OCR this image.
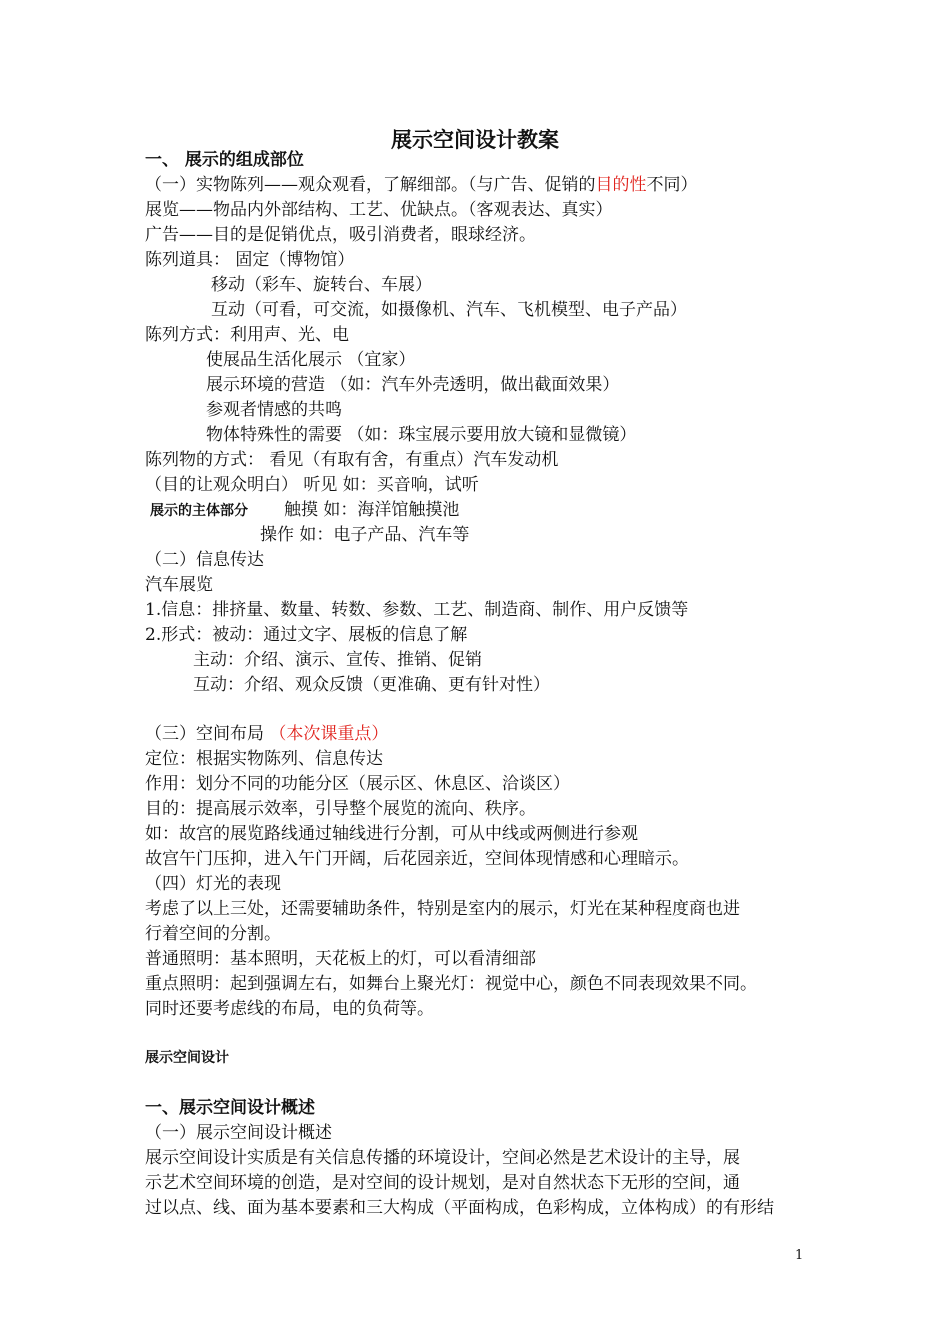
展示空间设计教案
一、 展示的组成部位
（一）实物陈列——观众观看，了解细部。（与广告、促销的目的性不同）
展览——物品内外部结构、工艺、优缺点。（客观表达、真实）
广告——目的是促销优点，吸引消费者，眼球经济。
陈列道具： 固定（博物馆）
移动（彩车、旋转台、车展）
互动（可看，可交流，如摄像机、汽车、飞机模型、电子产品）
陈列方式：利用声、光、电
使展品生活化展示 （宜家）
展示环境的营造 （如：汽车外壳透明，做出截面效果）
参观者情感的共鸣
物体特殊性的需要 （如：珠宝展示要用放大镜和显微镜）
陈列物的方式： 看见（有取有舍，有重点）汽车发动机
（目的让观众明白） 听见 如：买音响，试听
展示的主体部分 触摸 如：海洋馆触摸池
操作 如：电子产品、汽车等
（二）信息传达
汽车展览
1.信息：排挤量、数量、转数、参数、工艺、制造商、制作、用户反馈等
2.形式：被动：通过文字、展板的信息了解
主动：介绍、演示、宣传、推销、促销
互动：介绍、观众反馈（更准确、更有针对性）
（三）空间布局 （本次课重点）
定位：根据实物陈列、信息传达
作用：划分不同的功能分区（展示区、休息区、洽谈区）
目的：提高展示效率，引导整个展览的流向、秩序。
如：故宫的展览路线通过轴线进行分割，可从中线或两侧进行参观
故宫午门压抑，进入午门开阔，后花园亲近，空间体现情感和心理暗示。
（四）灯光的表现
考虑了以上三处，还需要辅助条件，特别是室内的展示，灯光在某种程度商也进
行着空间的分割。
普通照明：基本照明，天花板上的灯，可以看清细部
重点照明：起到强调左右，如舞台上聚光灯：视觉中心，颜色不同表现效果不同。
同时还要考虑线的布局，电的负荷等。
展示空间设计
一、展示空间设计概述
（一）展示空间设计概述
展示空间设计实质是有关信息传播的环境设计，空间必然是艺术设计的主导，展
示艺术空间环境的创造，是对空间的设计规划，是对自然状态下无形的空间，通
过以点、线、面为基本要素和三大构成（平面构成，色彩构成，立体构成）的有形结
1
